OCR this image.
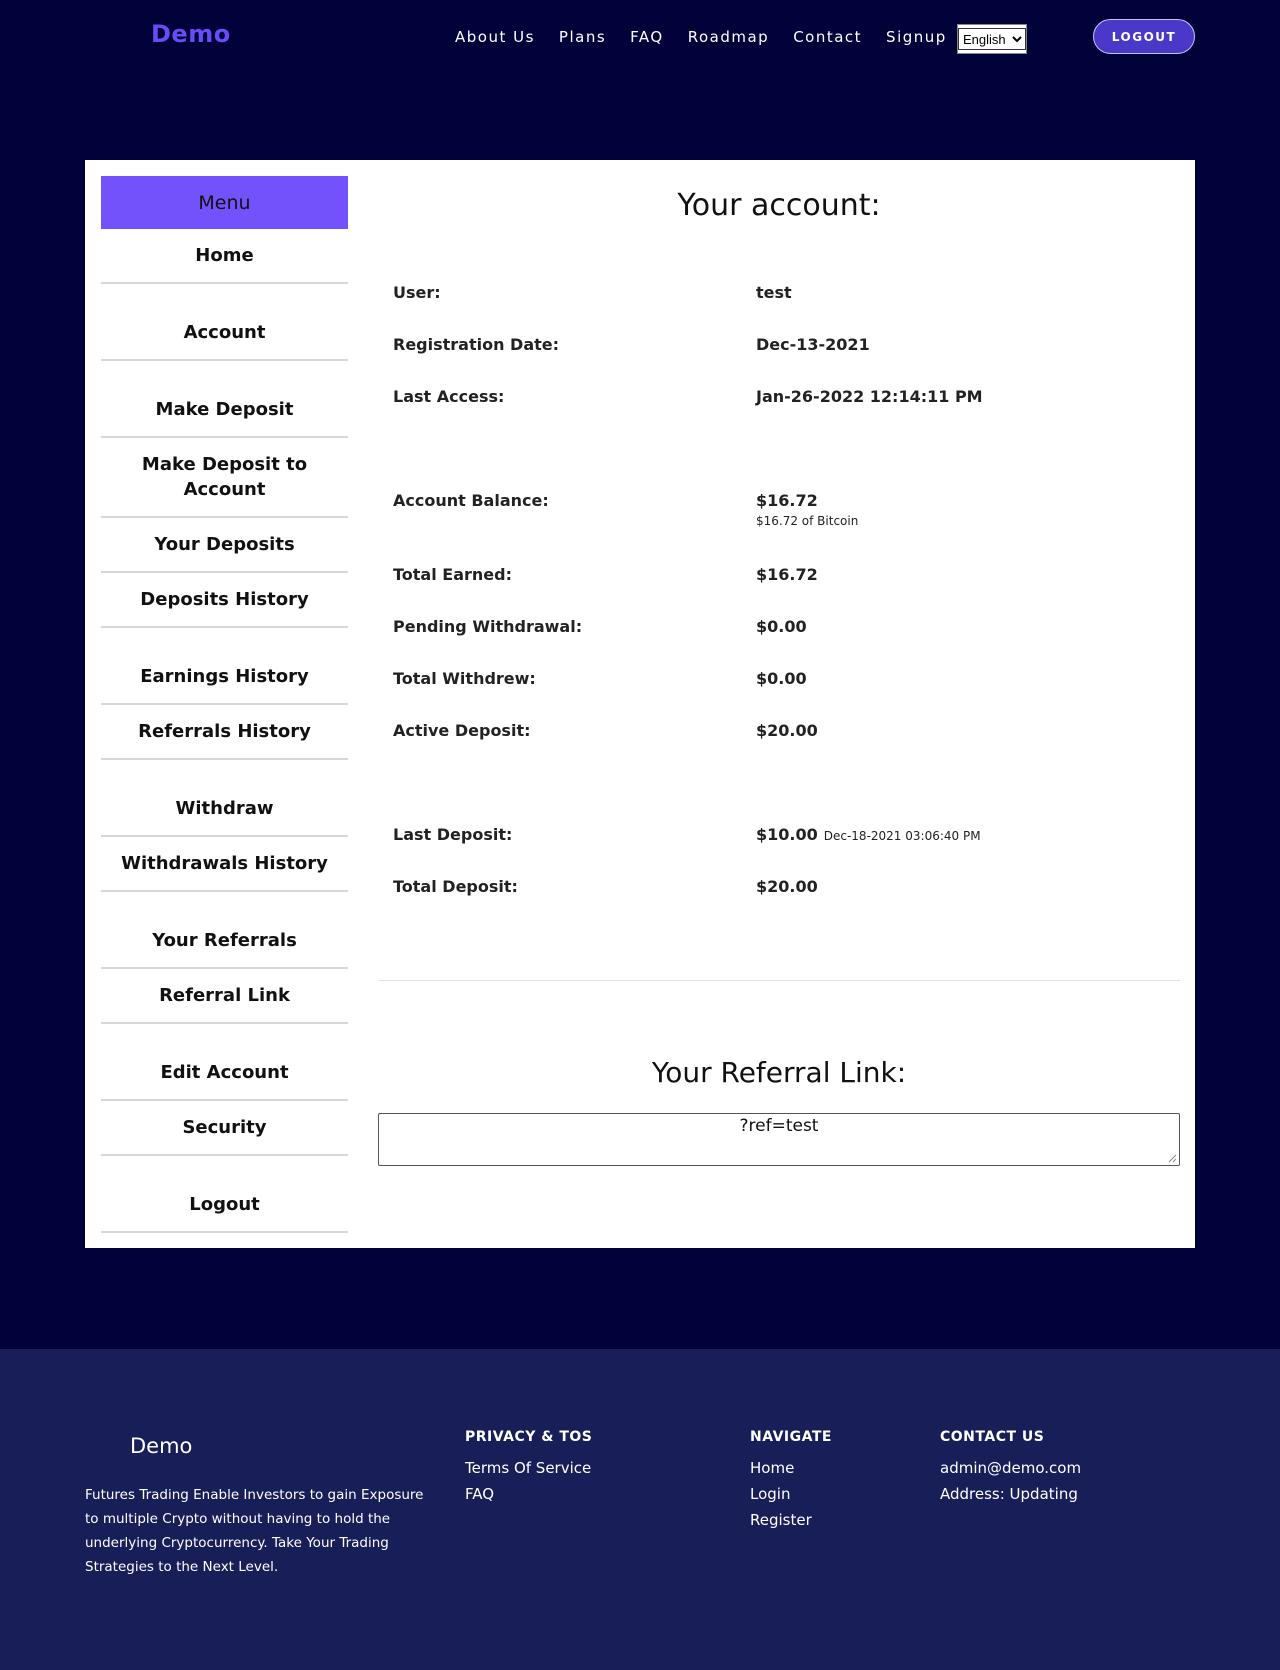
Demo	About Us Plans FAQ Roadmap Contact Signup
English	LOGOUT
Menu
Home
Account
Make Deposit
Make Deposit to Account
Your Deposits
Deposits History
Earnings History
Referrals History
Withdraw
Withdrawals History
Your Referrals
Referral Link
Edit Account
Security
Logout
Your account:
User:	test
Registration Date:	Dec-13-2021
Last Access:	Jan-26-2022 12:14:11 PM
Account Balance:	$16.72
$16.72 of Bitcoin
Total Earned:	$16.72
Pending Withdrawal:	$0.00
Total Withdrew:	$0.00
Active Deposit:	$20.00
Last Deposit:	$10.00 Dec-18-2021 03:06:40 PM
Total Deposit:	$20.00
Your Referral Link:
?ref=test
Demo
Futures Trading Enable Investors to gain Exposure to multiple Crypto without having to hold the underlying Cryptocurrency. Take Your Trading Strategies to the Next Level.
PRIVACY & TOS
Terms Of Service
FAQ
NAVIGATE
Home
Login
Register
CONTACT US
admin@demo.com
Address: Updating
